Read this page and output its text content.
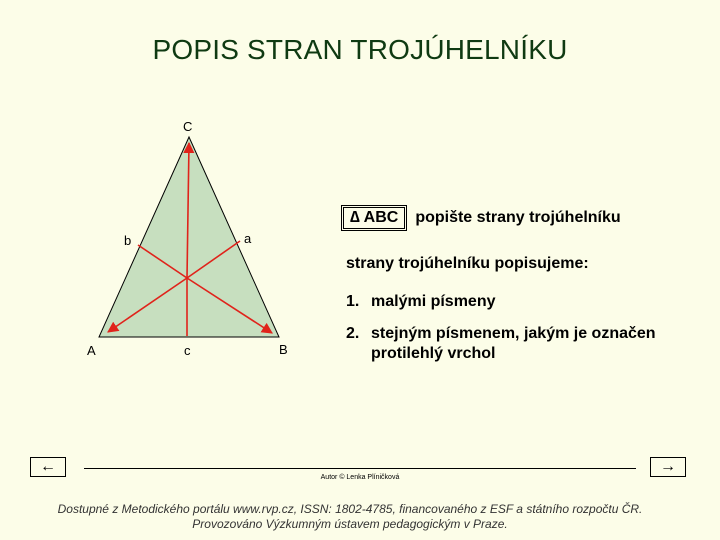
POPIS STRAN TROJÚHELNÍKU
C
b	a
A	c	B
∆ ABC	popište strany trojúhelníku
strany trojúhelníku popisujeme:
1. malými písmeny
2. stejným písmenem, jakým je označen protilehlý vrchol
←	→
Autor © Lenka Plíničková
Dostupné z Metodického portálu www.rvp.cz, ISSN: 1802-4785, financovaného z ESF a státního rozpočtu ČR.
Provozováno Výzkumným ústavem pedagogickým v Praze.
